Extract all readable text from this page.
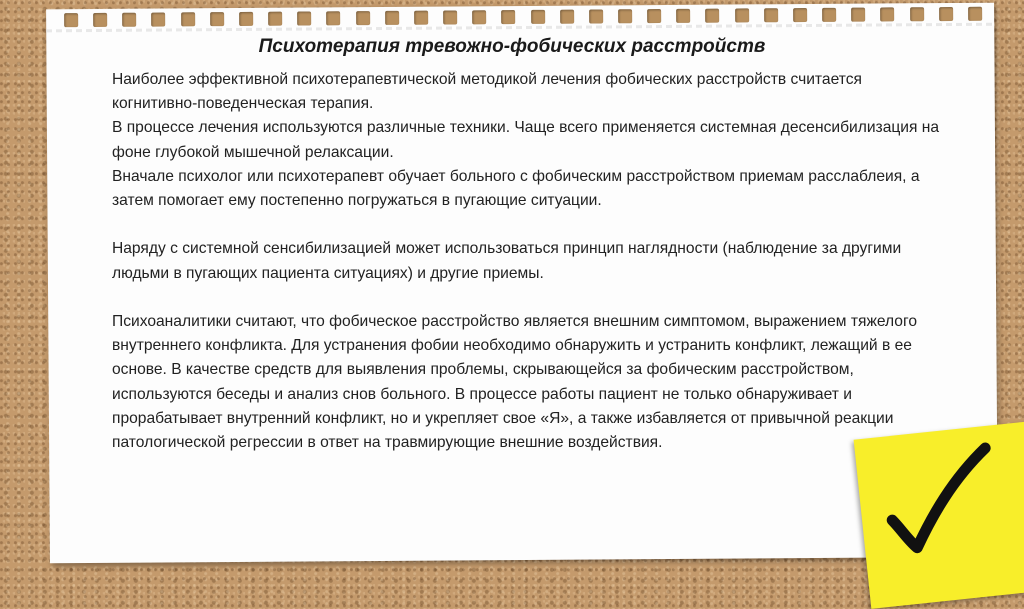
Психотерапия тревожно-фобических расстройств

Наиболее эффективной психотерапевтической методикой лечения фобических расстройств считается когнитивно-поведенческая терапия.

В процессе лечения используются различные техники. Чаще всего применяется системная десенсибилизация на фоне глубокой мышечной релаксации.

Вначале психолог или психотерапевт обучает больного с фобическим расстройством приемам расслаблеия, а затем помогает ему постепенно погружаться в пугающие ситуации.

Наряду с системной сенсибилизацией может использоваться принцип наглядности (наблюдение за другими людьми в пугающих пациента ситуациях) и другие приемы.

Психоаналитики считают, что фобическое расстройство является внешним симптомом, выражением тяжелого внутреннего конфликта. Для устранения фобии необходимо обнаружить и устранить конфликт, лежащий в ее основе. В качестве средств для выявления проблемы, скрывающейся за фобическим расстройством, используются беседы и анализ снов больного. В процессе работы пациент не только обнаруживает и прорабатывает внутренний конфликт, но и укрепляет свое «Я», а также избавляется от привычной реакции патологической регрессии в ответ на травмирующие внешние воздействия.
